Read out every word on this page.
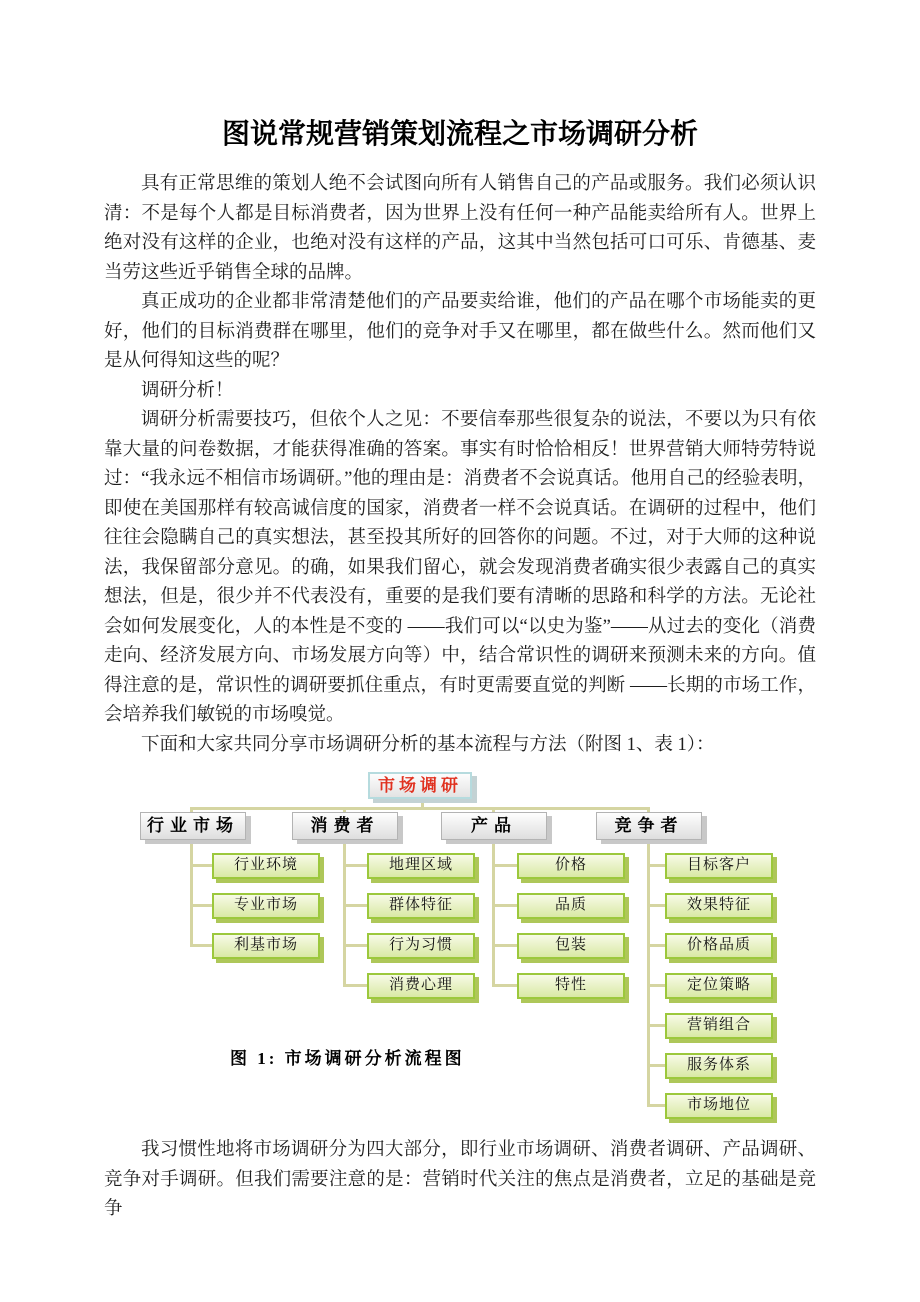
图说常规营销策划流程之市场调研分析

具有正常思维的策划人绝不会试图向所有人销售自己的产品或服务。我们必须认识清：不是每个人都是目标消费者，因为世界上没有任何一种产品能卖给所有人。世界上绝对没有这样的企业，也绝对没有这样的产品，这其中当然包括可口可乐、肯德基、麦当劳这些近乎销售全球的品牌。

真正成功的企业都非常清楚他们的产品要卖给谁，他们的产品在哪个市场能卖的更好，他们的目标消费群在哪里，他们的竞争对手又在哪里，都在做些什么。然而他们又是从何得知这些的呢？

调研分析！

调研分析需要技巧，但依个人之见：不要信奉那些很复杂的说法，不要以为只有依靠大量的问卷数据，才能获得准确的答案。事实有时恰恰相反！世界营销大师特劳特说过：“我永远不相信市场调研。”他的理由是：消费者不会说真话。他用自己的经验表明，即使在美国那样有较高诚信度的国家，消费者一样不会说真话。在调研的过程中，他们往往会隐瞒自己的真实想法，甚至投其所好的回答你的问题。不过，对于大师的这种说法，我保留部分意见。的确，如果我们留心，就会发现消费者确实很少表露自己的真实想法，但是，很少并不代表没有，重要的是我们要有清晰的思路和科学的方法。无论社会如何发展变化，人的本性是不变的 ——我们可以“以史为鉴”——从过去的变化（消费走向、经济发展方向、市场发展方向等）中，结合常识性的调研来预测未来的方向。值得注意的是，常识性的调研要抓住重点，有时更需要直觉的判断 ——长期的市场工作，会培养我们敏锐的市场嗅觉。

下面和大家共同分享市场调研分析的基本流程与方法（附图 1、表 1）：

市场调研
行业市场	消费者	产品	竞争者
行业环境
专业市场
利基市场
地理区域
群体特征
行为习惯
消费心理
价格
品质
包装
特性
目标客户
效果特征
价格品质
定位策略
营销组合
服务体系
市场地位
图 1: 市场调研分析流程图

我习惯性地将市场调研分为四大部分，即行业市场调研、消费者调研、产品调研、竞争对手调研。但我们需要注意的是：营销时代关注的焦点是消费者，立足的基础是竞争
